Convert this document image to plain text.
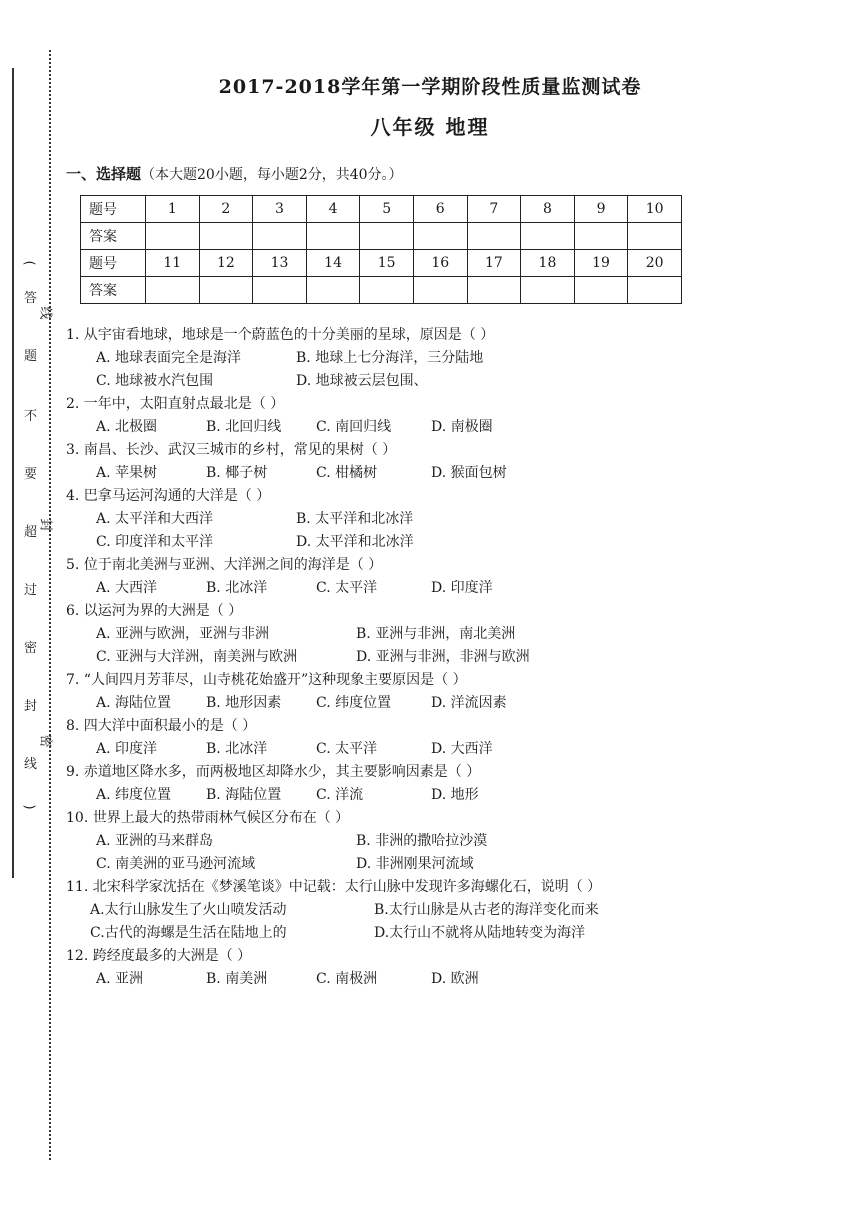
(
答
题
不
要
超
过
密
封
线
)
线
封
密
2017-2018学年第一学期阶段性质量监测试卷
八年级 地理
一、选择题（本大题20小题，每小题2分，共40分。）
题号	1	2	3	4	5	6	7	8	9	10
答案										
题号	11	12	13	14	15	16	17	18	19	20
答案										
1. 从宇宙看地球，地球是一个蔚蓝色的十分美丽的星球，原因是（ ）
A. 地球表面完全是海洋	B. 地球上七分海洋，三分陆地
C. 地球被水汽包围	D. 地球被云层包围、
2. 一年中，太阳直射点最北是（ ）
A. 北极圈	B. 北回归线 C. 南回归线	D. 南极圈
3. 南昌、长沙、武汉三城市的乡村，常见的果树（ ）
A. 苹果树	B. 椰子树	C. 柑橘树	D. 猴面包树
4. 巴拿马运河沟通的大洋是（ ）
A. 太平洋和大西洋	B. 太平洋和北冰洋
C. 印度洋和太平洋	D. 太平洋和北冰洋
5. 位于南北美洲与亚洲、大洋洲之间的海洋是（ ）
A. 大西洋	B. 北冰洋	C. 太平洋	D. 印度洋
6. 以运河为界的大洲是（ ）
A. 亚洲与欧洲，亚洲与非洲	B. 亚洲与非洲，南北美洲
C. 亚洲与大洋洲，南美洲与欧洲	D. 亚洲与非洲，非洲与欧洲
7. “人间四月芳菲尽，山寺桃花始盛开”这种现象主要原因是（ ）
A. 海陆位置 B. 地形因素 C. 纬度位置	D. 洋流因素
8. 四大洋中面积最小的是（ ）
A. 印度洋	B. 北冰洋	C. 太平洋	D. 大西洋
9. 赤道地区降水多，而两极地区却降水少，其主要影响因素是（ ）
A. 纬度位置 B. 海陆位置 C. 洋流	D. 地形
10. 世界上最大的热带雨林气候区分布在（ ）
A. 亚洲的马来群岛	B. 非洲的撒哈拉沙漠
C. 南美洲的亚马逊河流域	D. 非洲刚果河流域
11. 北宋科学家沈括在《梦溪笔谈》中记载：太行山脉中发现许多海螺化石，说明（ ）
A.太行山脉发生了火山喷发活动	B.太行山脉是从古老的海洋变化而来
C.古代的海螺是生活在陆地上的	D.太行山不就将从陆地转变为海洋
12. 跨经度最多的大洲是（ ）
A. 亚洲	B. 南美洲	C. 南极洲	D. 欧洲
